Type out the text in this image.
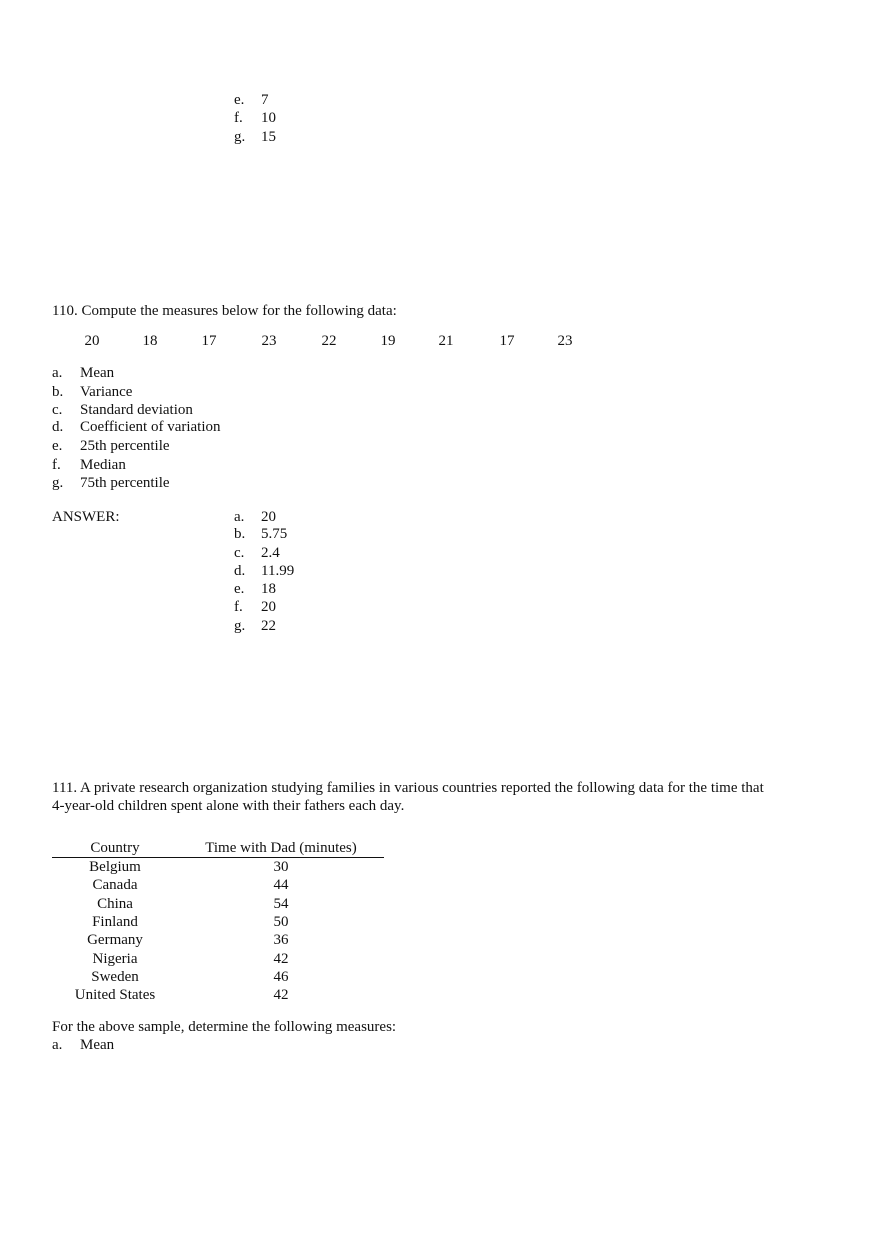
e. 7
f. 10
g. 15
110. Compute the measures below for the following data:
20	18	17	23	22	19	21	17	23
a. Mean
b. Variance
c. Standard deviation
d. Coefficient of variation
e. 25th percentile
f. Median
g. 75th percentile
ANSWER:	a. 20
b. 5.75
c. 2.4
d. 11.99
e. 18
f. 20
g. 22
111. A private research organization studying families in various countries reported the following data for the time that
4-year-old children spent alone with their fathers each day.
Country	Time with Dad (minutes)
Belgium	30
Canada	44
China	54
Finland	50
Germany	36
Nigeria	42
Sweden	46
United States	42
For the above sample, determine the following measures:
a. Mean
